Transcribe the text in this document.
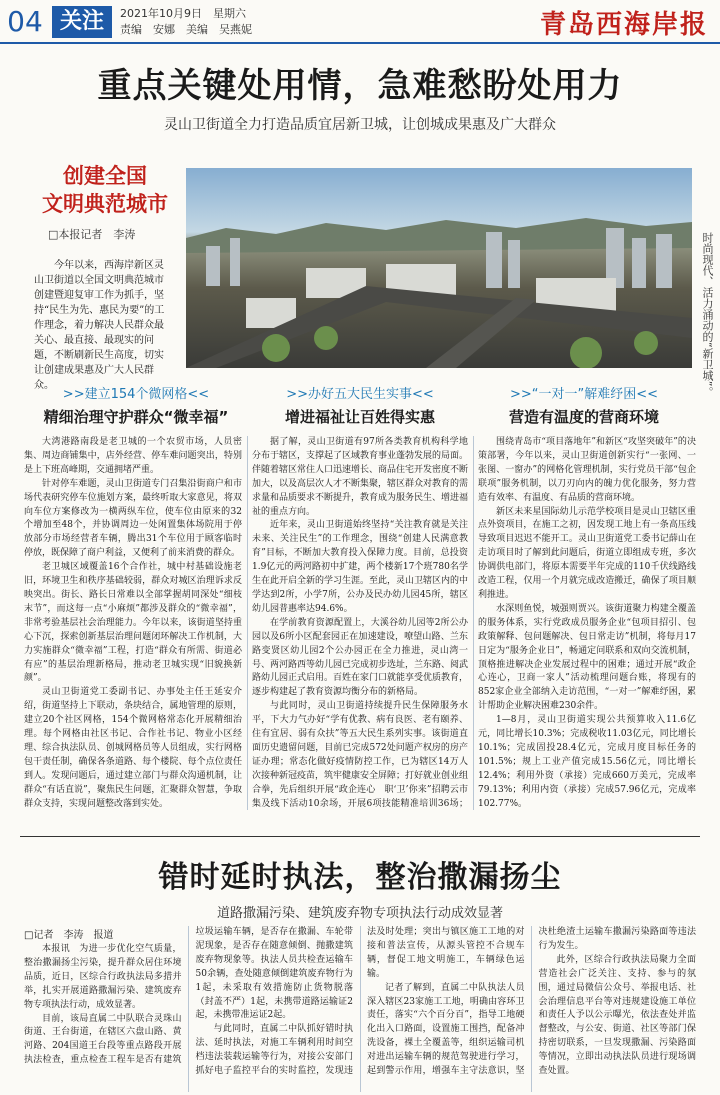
04 关注	2021年10月9日　星期六
责编　安娜　美编　吴燕妮	青岛西海岸报
重点关键处用情，急难愁盼处用力
灵山卫街道全力打造品质宜居新卫城，让创城成果惠及广大群众
创建全国
文明典范城市
□本报记者　李涛
今年以来，西海岸新区灵山卫街道以全国文明典范城市创建暨迎复审工作为抓手，坚持“民生为先、惠民为要”的工作理念，着力解决人民群众最关心、最直接、最现实的问题，不断刷新民生高度，切实让创建成果惠及广大人民群众。	时尚现代、活力涌动的“新卫城”。
>>建立154个微网格<<
精细治理守护群众“微幸福”
>>办好五大民生实事<<
增进福祉让百姓得实惠
>>“一对一”解难纾困<<
营造有温度的营商环境

大湾港路南段是老卫城的一个农贸市场，人员密集、周边商铺集中，店外经营、停车难问题突出，特别是上下班高峰期，交通拥堵严重。

针对停车难题，灵山卫街道专门召集沿街商户和市场代表研究停车位施划方案，最终听取大家意见，将双向车位方案修改为一横两纵车位，使车位由原来的32个增加至48个，并协调周边一处闲置集体场院用于停放部分市场经营者车辆，腾出31个车位用于顾客临时停放，既保障了商户利益，又便利了前来消费的群众。

老卫城区域覆盖16个合作社，城中村基础设施老旧，环境卫生和秩序基础较弱，群众对城区治理诉求反映突出。街长、路长日常难以全部掌握胡同深处“细枝末节”，而这每一点“小麻烦”都涉及群众的“微幸福”，非常考验基层社会治理能力。今年以来，该街道坚持重心下沉，探索创新基层治理问题闭环解决工作机制，大力实施群众“微幸福”工程，打造“群众有所需、街道必有应”的基层治理新格局，推动老卫城实现“旧貌换新颜”。

灵山卫街道党工委副书记、办事处主任王延安介绍，街道坚持上下联动，条块结合，属地管理的原则，建立20个社区网格，154个微网格常态化开展精细治理。每个网格由社区书记、合作社书记、物业小区经理、综合执法队员、创城网格员等人员组成，实行网格包干责任制，确保各条道路、每个楼院、每个点位责任到人。发现问题后，通过建立部门与群众沟通机制，让群众“有话直说”，聚焦民生问题，汇聚群众智慧，争取群众支持，实现问题整改落到实处。

据了解，灵山卫街道有97所各类教育机构科学地分布于辖区，支撑起了区域教育事业蓬勃发展的局面。伴随着辖区常住人口迅速增长、商品住宅开发密度不断加大，以及高层次人才不断集聚，辖区群众对教育的需求量和品质要求不断提升，教育成为服务民生、增进福祉的重点方向。

近年来，灵山卫街道始终坚持“关注教育就是关注未来、关注民生”的工作理念，围绕“创建人民满意教育”目标，不断加大教育投入保障力度。目前，总投资1.9亿元的两河路初中扩建，两个楼新17个班780名学生在此开启全新的学习生涯。至此，灵山卫辖区内的中学达到2所，小学7所，公办及民办幼儿园45所，辖区幼儿园普惠率达94.6%。

在学前教育资源配置上，大溪谷幼儿园等2所公办园以及6所小区配套园正在加速建设，嘹望山路、兰东路变贤区幼儿园2个公办园正在全力推进，灵山湾一号、两河路西等幼儿园已完成初步选址，兰东路、阅武路幼儿园正式启用。百姓在家门口就能享受优质教育，逐步构建起了教育资源均衡分布的新格局。

与此同时，灵山卫街道持续提升民生保障服务水平，下大力气办好“学有优教、病有良医、老有颐养、住有宜居、弱有众扶”等五大民生系列实事。该街道直面历史遗留问题，目前已完成572处问题产权房的房产证办理；常态化做好疫情防控工作，已为辖区14万人次接种新冠疫苗，筑牢健康安全屏障；打好就业创业组合拳，先后组织开展“政企连心　职‘卫’你来”招聘云市集及线下活动10余场，开展6项技能精准培训36场；

围绕青岛市“项目落地年”和新区“攻坚突破年”的决策部署，今年以来，灵山卫街道创新实行“一张网、一张图、一窗办”的网格化管理机制，实行党员干部“包企联项”服务机制，以刀刃向内的魄力优化服务，努力营造有效率、有温度、有品质的营商环境。

新区未来星国际幼儿示范学校项目是灵山卫辖区重点外资项目，在施工之初，因发现工地上有一条高压线导致项目迟迟不能开工。灵山卫街道党工委书记薛山在走访项目时了解到此问题后，街道立即组成专班，多次协调供电部门，将原本需要半年完成的110千伏线路线改造工程，仅用一个月就完成改造搬迁，确保了项目顺利推进。

水深则鱼悦，城强则贾兴。该街道聚力构建全覆盖的服务体系，实行党政成员服务企业“包项目招引、包政策解释、包问题解决、包日常走访”机制，将每月17日定为“服务企业日”，畅通定问联系和双向交流机制，顶格推进解决企业发展过程中的困难；通过开展“政企心连心，卫商一家人”活动梳理问题台账，将现有的852家企业全部纳入走访范围，“一对一”解难纾困，累计帮助企业解决困难230余件。

1—8月，灵山卫街道实现公共预算收入11.6亿元，同比增长10.3%；完成税收11.03亿元，同比增长10.1%；完成固投28.4亿元，完成月度目标任务的101.5%；规上工业产值完成15.56亿元，同比增长12.4%；利用外资（承接）完成660万美元，完成率79.13%；利用内资（承接）完成57.96亿元，完成率102.77%。

错时延时执法，整治撒漏扬尘
道路撒漏污染、建筑废弃物专项执法行动成效显著
□记者　李涛　报道

本报讯　为进一步优化空气质量，整治撒漏扬尘污染，提升群众居住环境品质，近日，区综合行政执法局多措并举，扎实开展道路撒漏污染、建筑废弃物专项执法行动，成效显著。

目前，该局直属二中队联合灵珠山街道、王台街道，在辖区六盘山路、黄河路、204国道王台段等重点路段开展执法检查，重点检查工程车是否有建筑垃圾运输车辆，是否存在撒漏、车轮带泥现象，是否存在随意倾倒、抛撒建筑废弃物现象等。执法人员共检查运输车50余辆，查处随意倾倒建筑废弃物行为1起，未采取有效措施防止货物脱落（封盖不严）1起，未携带道路运输证2起，未携带准运证2起。

与此同时，直属二中队抓好错时执法、延时执法，对施工车辆利用时间空档违法装载运输等行为，对接公安部门抓好电子监控平台的实时监控，发现违法及时处理；突出与镇区施工工地的对接和普法宣传，从源头管控不合规车辆，督促工地文明施工，车辆绿色运输。

记者了解到，直属二中队执法人员深入辖区23家施工工地，明确由容环卫责任，落实“六个百分百”，指导工地硬化出入口路面，设置施工围挡，配备冲洗设备，裸土全覆盖等，组织运输司机对进出运输车辆的规范驾驶进行学习，起到警示作用，增强车主守法意识，坚决杜绝渣土运输车撒漏污染路面等违法行为发生。

此外，区综合行政执法局聚力全面营造社会广泛关注、支持、参与的氛围，通过局微信公众号、举报电话、社会治理信息平台等对违规建设施工单位和责任人予以公示曝光，依法查处并监督整改，与公安、街道、社区等部门保持密切联系，一旦发现撒漏、污染路面等情况，立即出动执法队员进行现场调查处置。
